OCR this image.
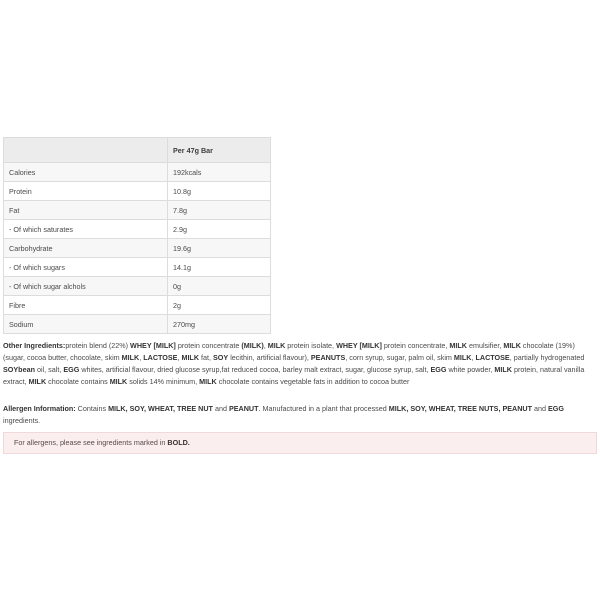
	Per 47g Bar
Calories	192kcals
Protein	10.8g
Fat	7.8g
- Of which saturates	2.9g
Carbohydrate	19.6g
- Of which sugars	14.1g
- Of which sugar alchols	0g
Fibre	2g
Sodium	270mg
Other Ingredients:protein blend (22%) WHEY [MILK] protein concentrate (MILK), MILK protein isolate, WHEY [MILK] protein concentrate, MILK emulsifier, MILK chocolate (19%) (sugar, cocoa butter, chocolate, skim MILK, LACTOSE, MILK fat, SOY lecithin, artificial flavour), PEANUTS, corn syrup, sugar, palm oil, skim MILK, LACTOSE, partially hydrogenated SOYbean oil, salt, EGG whites, artificial flavour, dried glucose syrup,fat reduced cocoa, barley malt extract, sugar, glucose syrup, salt, EGG white powder, MILK protein, natural vanilla extract, MILK chocolate contains MILK solids 14% minimum, MILK chocolate contains vegetable fats in addition to cocoa butter
Allergen Information: Contains MILK, SOY, WHEAT, TREE NUT and PEANUT. Manufactured in a plant that processed MILK, SOY, WHEAT, TREE NUTS, PEANUT and EGG ingredients.
For allergens, please see ingredients marked in BOLD.
